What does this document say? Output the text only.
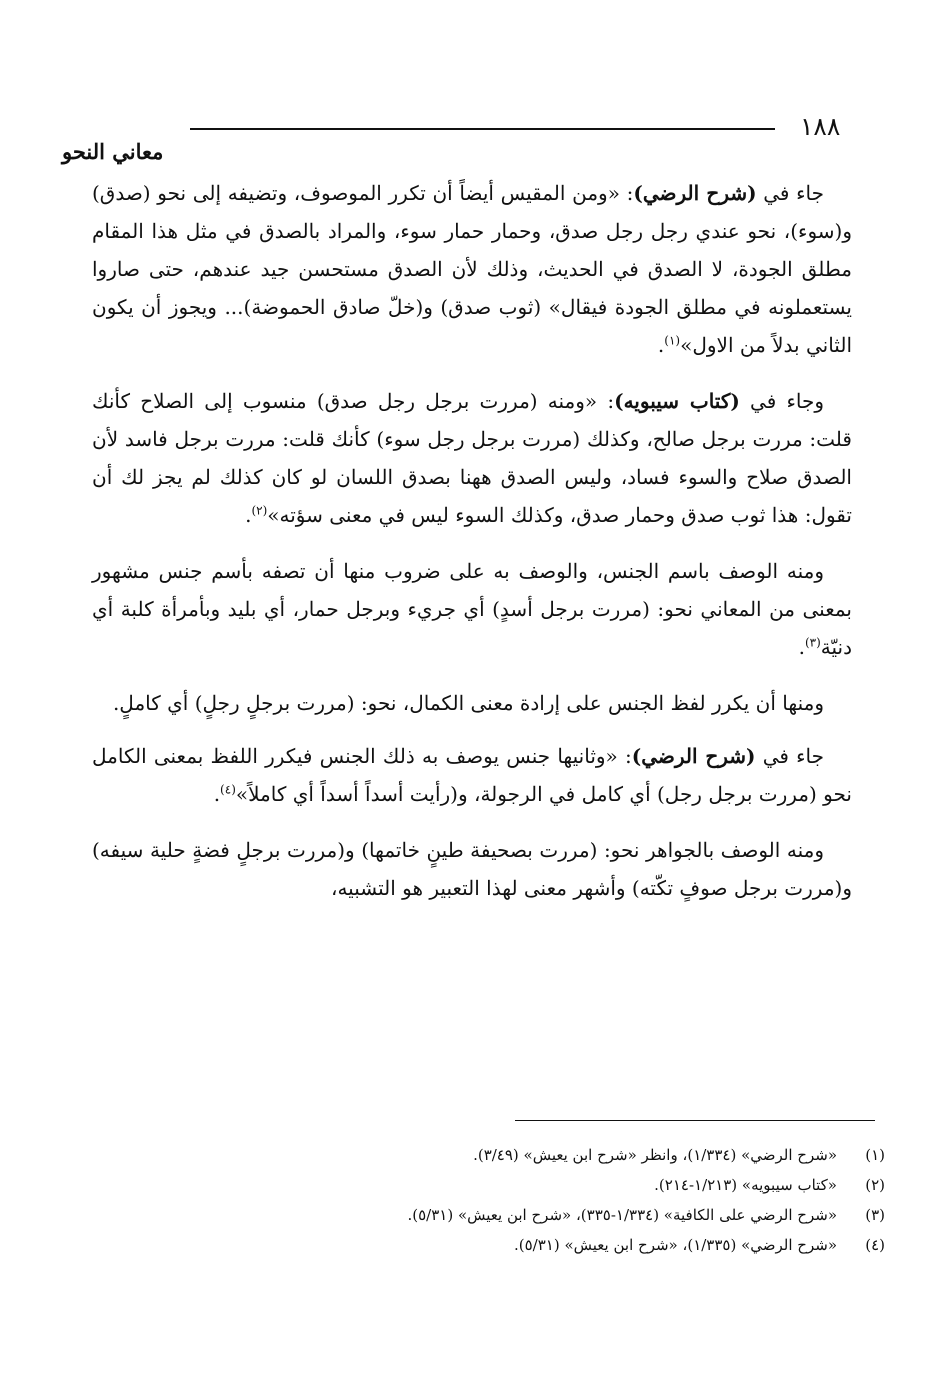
١٨٨
معاني النحو

جاء في (شرح الرضي): «ومن المقيس أيضاً أن تكرر الموصوف، وتضيفه إلى نحو (صدق) و(سوء)، نحو عندي رجل رجل صدق، وحمار حمار سوء، والمراد بالصدق في مثل هذا المقام مطلق الجودة، لا الصدق في الحديث، وذلك لأن الصدق مستحسن جيد عندهم، حتى صاروا يستعملونه في مطلق الجودة فيقال» (ثوب صدق) و(خلّ صادق الحموضة)... ويجوز أن يكون الثاني بدلاً من الاول»$^{(١)}$.

وجاء في (كتاب سيبويه): «ومنه (مررت برجل رجل صدق) منسوب إلى الصلاح كأنك قلت: مررت برجل صالح، وكذلك (مررت برجل رجل سوء) كأنك قلت: مررت برجل فاسد لأن الصدق صلاح والسوء فساد، وليس الصدق ههنا بصدق اللسان لو كان كذلك لم يجز لك أن تقول: هذا ثوب صدق وحمار صدق، وكذلك السوء ليس في معنى سؤته»$^{(٢)}$.

ومنه الوصف باسم الجنس، والوصف به على ضروب منها أن تصفه بأسم جنس مشهور بمعنى من المعاني نحو: (مررت برجل أسدٍ) أي جريء وبرجل حمار، أي بليد وبأمرأة كلبة أي دنيّة$^{(٣)}$.

ومنها أن يكرر لفظ الجنس على إرادة معنى الكمال، نحو: (مررت برجلٍ رجلٍ) أي كاملٍ.

جاء في (شرح الرضي): «وثانيها جنس يوصف به ذلك الجنس فيكرر اللفظ بمعنى الكامل نحو (مررت برجل رجل) أي كامل في الرجولة، و(رأيت أسداً أسداً أي كاملاً»$^{(٤)}$.

ومنه الوصف بالجواهر نحو: (مررت بصحيفة طينٍ خاتمها) و(مررت برجلٍ فضةٍ حلية سيفه) و(مررت برجل صوفٍ تكّته) وأشهر معنى لهذا التعبير هو التشبيه،

(١)
«شرح الرضي» (١/٣٣٤)، وانظر «شرح ابن يعيش» (٣/٤٩).
(٢)
«كتاب سيبويه» (١/٢١٣-٢١٤).
(٣)
«شرح الرضي على الكافية» (١/٣٣٤-٣٣٥)، «شرح ابن يعيش» (٥/٣١).
(٤)
«شرح الرضي» (١/٣٣٥)، «شرح ابن يعيش» (٥/٣١).
